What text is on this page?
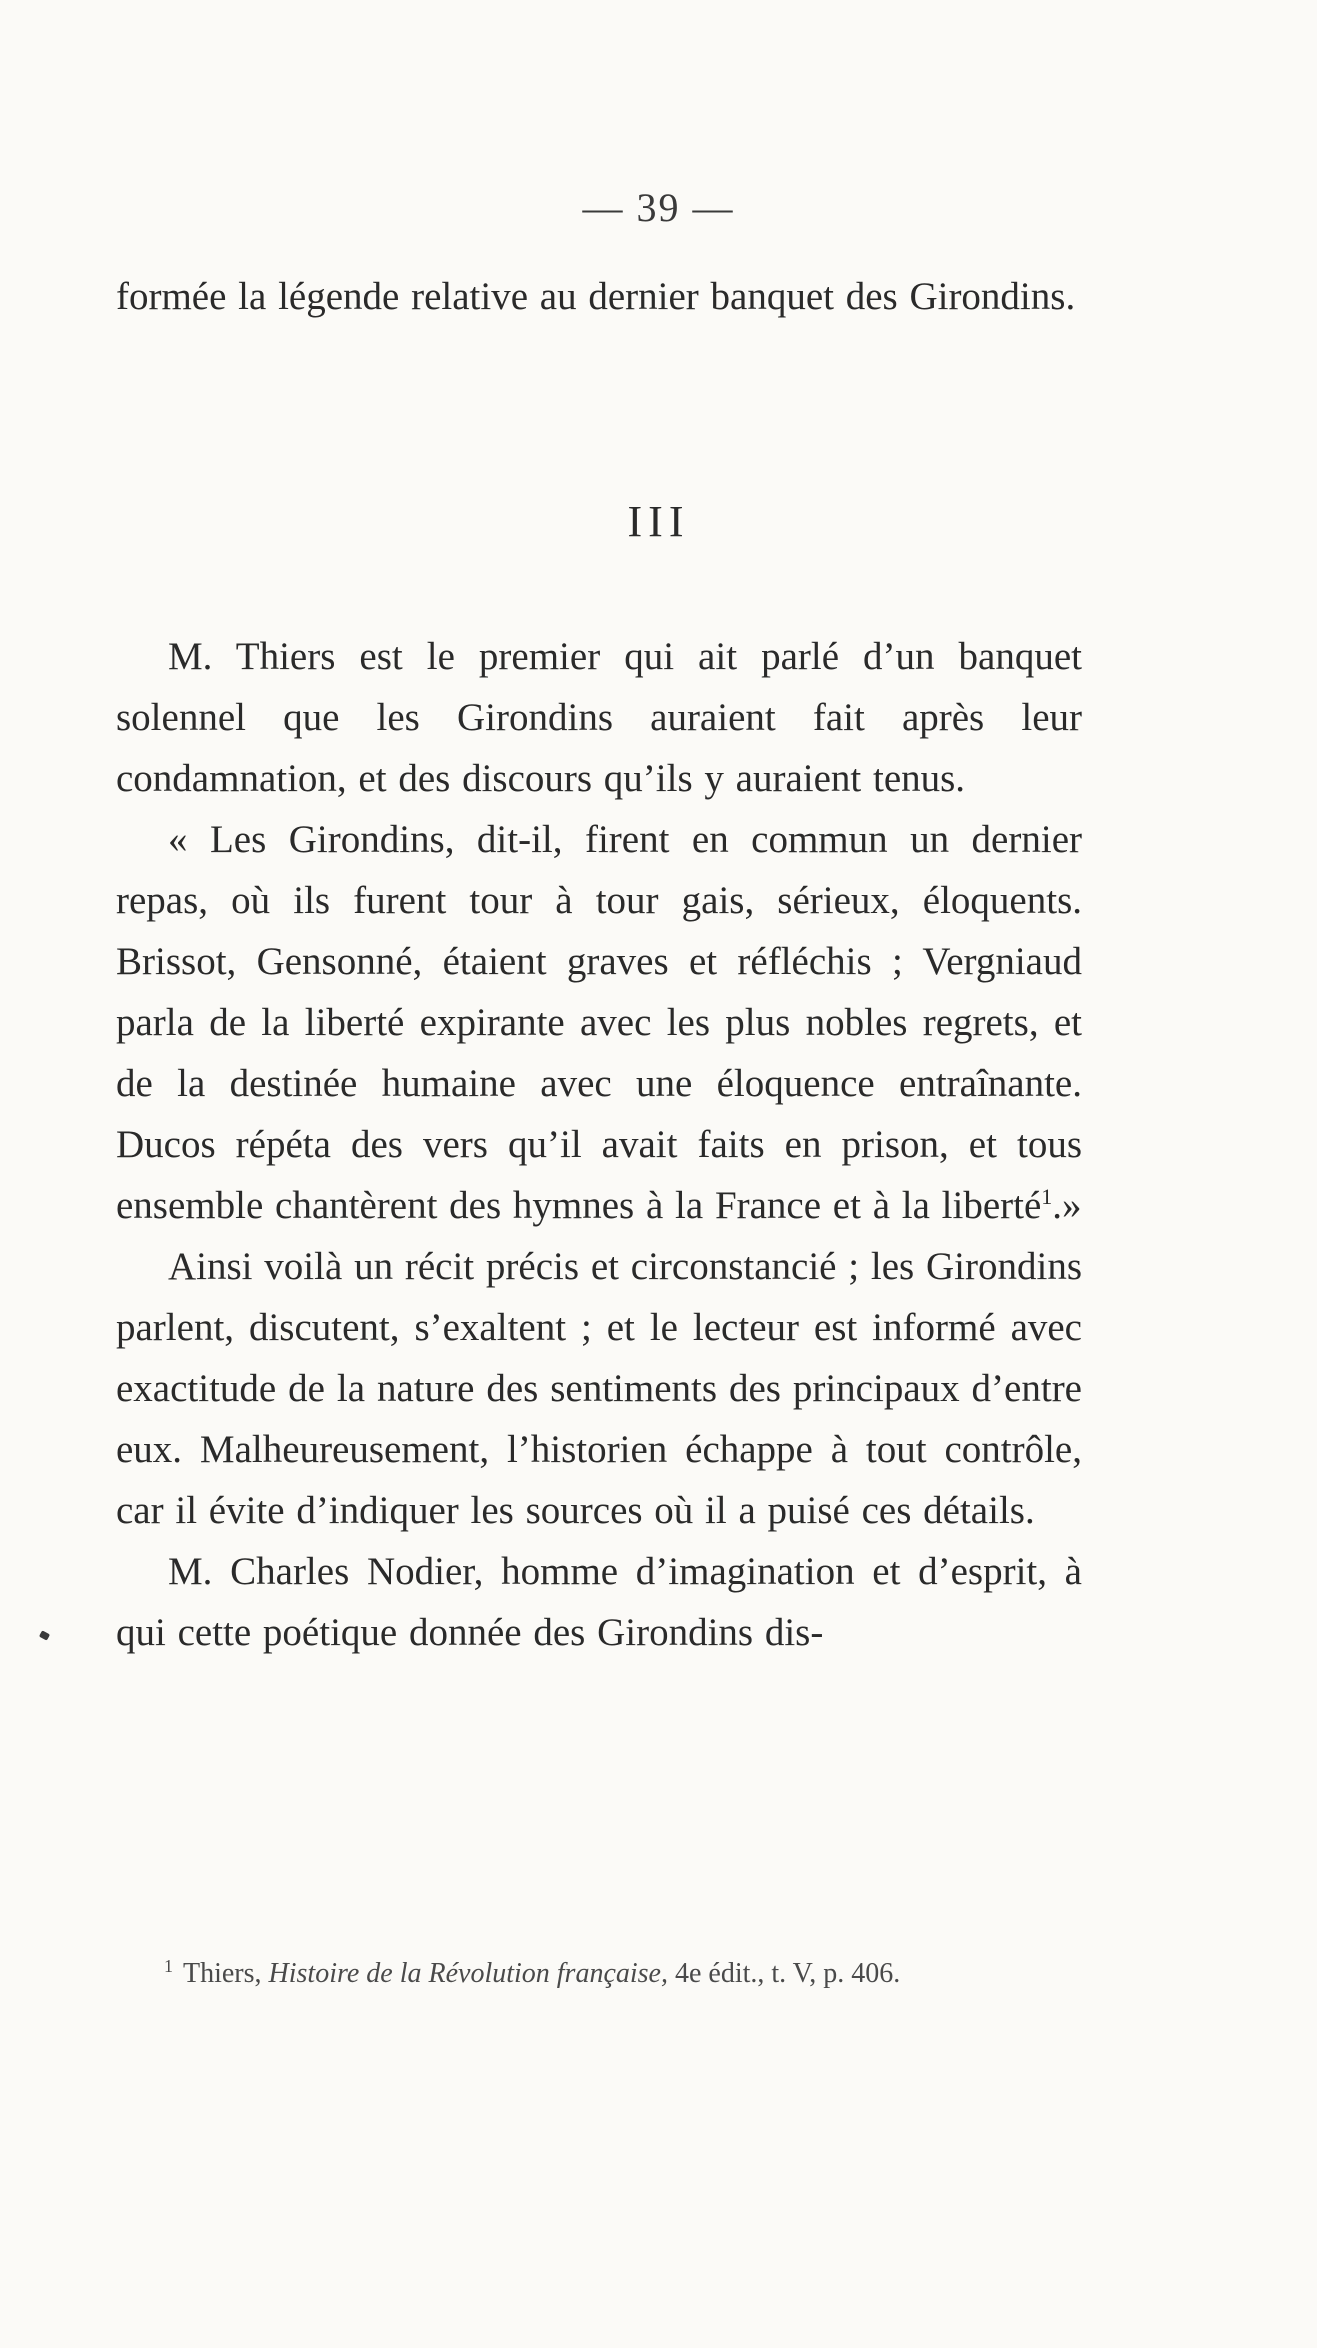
— 39 —

formée la légende relative au dernier banquet des Girondins.

III

M. Thiers est le premier qui ait parlé d’un banquet solennel que les Girondins auraient fait après leur condamnation, et des discours qu’ils y auraient tenus.

« Les Girondins, dit-il, firent en commun un dernier repas, où ils furent tour à tour gais, sérieux, éloquents. Brissot, Gensonné, étaient graves et réfléchis ; Vergniaud parla de la liberté expirante avec les plus nobles regrets, et de la destinée humaine avec une éloquence entraînante. Ducos répéta des vers qu’il avait faits en prison, et tous ensemble chantèrent des hymnes à la France et à la liberté$^1$.»

Ainsi voilà un récit précis et circonstancié ; les Girondins parlent, discutent, s’exaltent ; et le lecteur est informé avec exactitude de la nature des sentiments des principaux d’entre eux. Malheureusement, l’historien échappe à tout contrôle, car il évite d’indiquer les sources où il a puisé ces détails.

M. Charles Nodier, homme d’imagination et d’esprit, à qui cette poétique donnée des Girondins dis-

$^1$ Thiers, Histoire de la Révolution française, 4e édit., t. V, p. 406.
